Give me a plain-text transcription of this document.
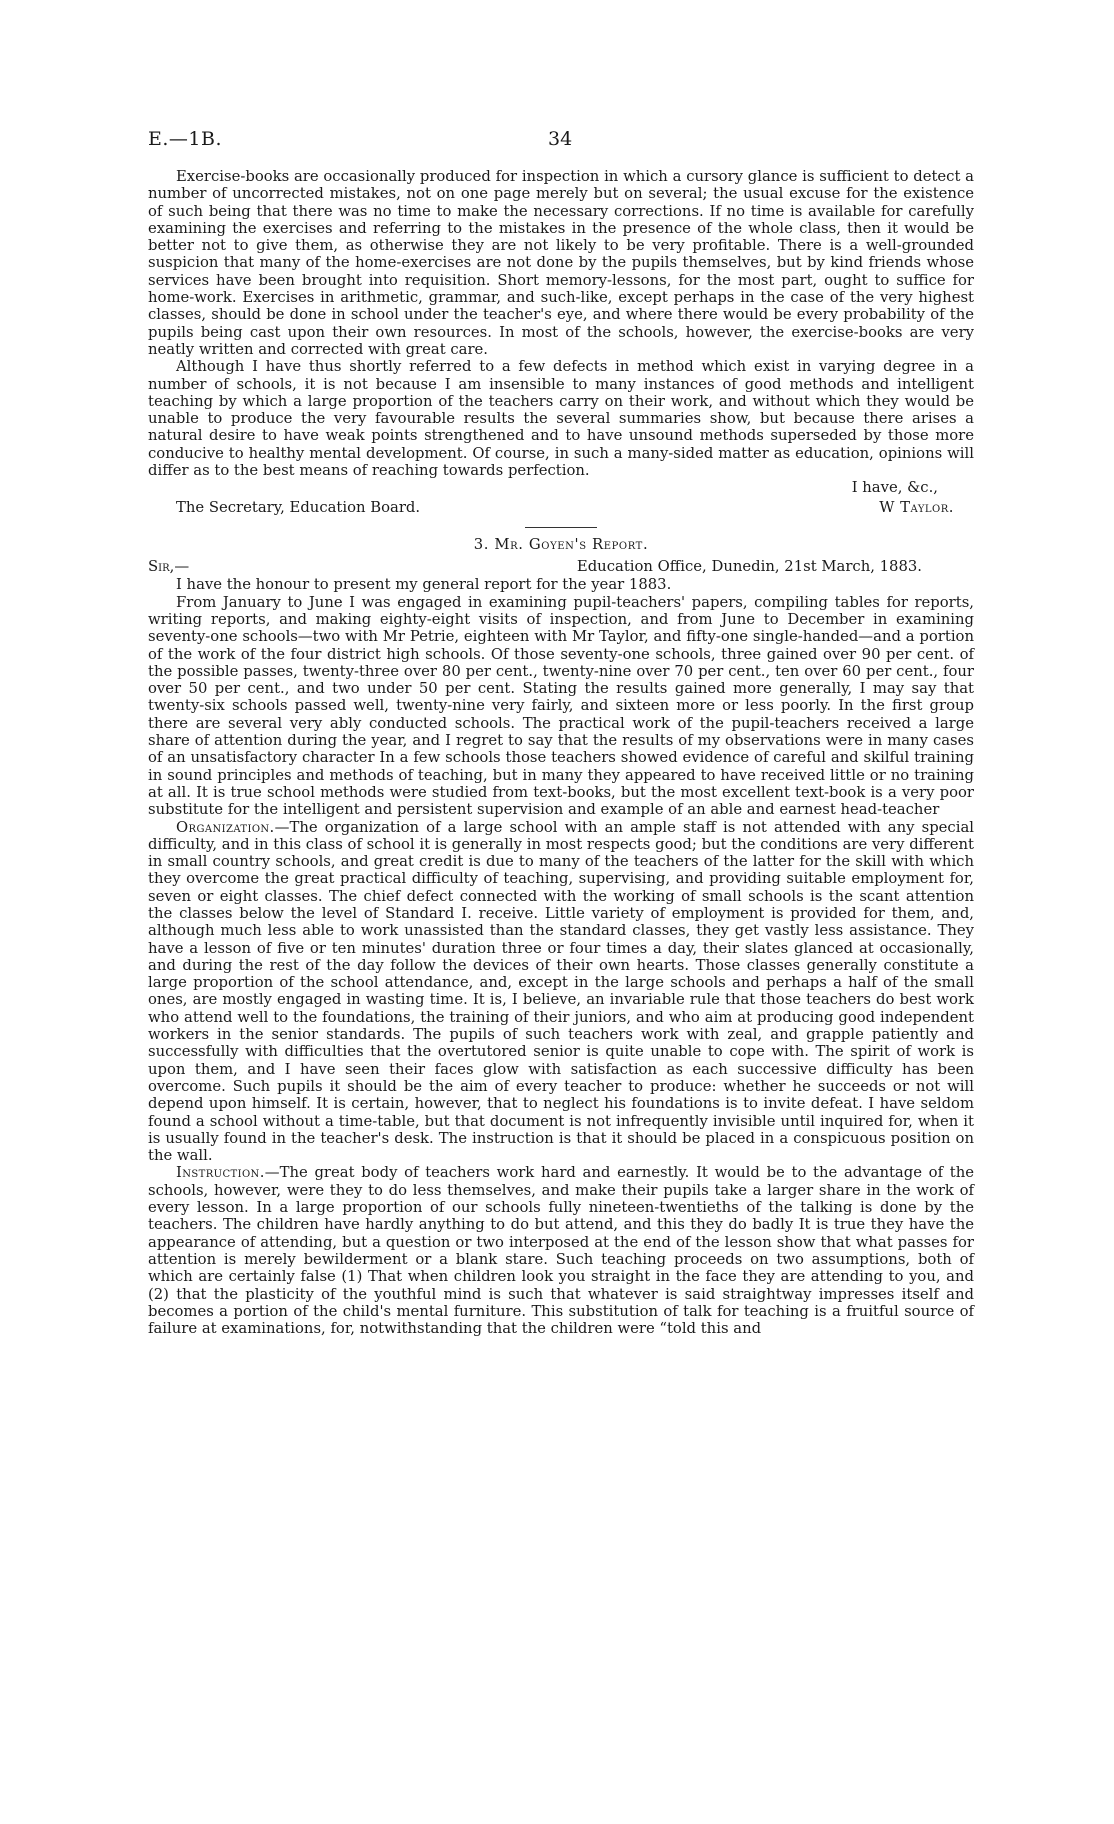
E.—1B.	34

Exercise-books are occasionally produced for inspection in which a cursory glance is sufficient to detect a number of uncorrected mistakes, not on one page merely but on several; the usual excuse for the existence of such being that there was no time to make the necessary corrections. If no time is available for carefully examining the exercises and referring to the mistakes in the presence of the whole class, then it would be better not to give them, as otherwise they are not likely to be very profitable. There is a well-grounded suspicion that many of the home-exercises are not done by the pupils themselves, but by kind friends whose services have been brought into requisition. Short memory-lessons, for the most part, ought to suffice for home-work. Exercises in arithmetic, grammar, and such-like, except perhaps in the case of the very highest classes, should be done in school under the teacher's eye, and where there would be every probability of the pupils being cast upon their own resources. In most of the schools, however, the exercise-books are very neatly written and corrected with great care.

Although I have thus shortly referred to a few defects in method which exist in varying degree in a number of schools, it is not because I am insensible to many instances of good methods and intelligent teaching by which a large proportion of the teachers carry on their work, and without which they would be unable to produce the very favourable results the several summaries show, but because there arises a natural desire to have weak points strengthened and to have unsound methods superseded by those more conducive to healthy mental development. Of course, in such a many-sided matter as education, opinions will differ as to the best means of reaching towards perfection.

I have, &c.,
The Secretary, Education Board.	W Taylor.
3. Mr. Goyen's Report.
Sir,—	Education Office, Dunedin, 21st March, 1883.

I have the honour to present my general report for the year 1883.

From January to June I was engaged in examining pupil-teachers' papers, compiling tables for reports, writing reports, and making eighty-eight visits of inspection, and from June to December in examining seventy-one schools—two with Mr Petrie, eighteen with Mr Taylor, and fifty-one single-handed—and a portion of the work of the four district high schools. Of those seventy-one schools, three gained over 90 per cent. of the possible passes, twenty-three over 80 per cent., twenty-nine over 70 per cent., ten over 60 per cent., four over 50 per cent., and two under 50 per cent. Stating the results gained more generally, I may say that twenty-six schools passed well, twenty-nine very fairly, and sixteen more or less poorly. In the first group there are several very ably conducted schools. The practical work of the pupil-teachers received a large share of attention during the year, and I regret to say that the results of my observations were in many cases of an unsatisfactory character In a few schools those teachers showed evidence of careful and skilful training in sound principles and methods of teaching, but in many they appeared to have received little or no training at all. It is true school methods were studied from text-books, but the most excellent text-book is a very poor substitute for the intelligent and persistent supervision and example of an able and earnest head-teacher

Organization.—The organization of a large school with an ample staff is not attended with any special difficulty, and in this class of school it is generally in most respects good; but the conditions are very different in small country schools, and great credit is due to many of the teachers of the latter for the skill with which they overcome the great practical difficulty of teaching, supervising, and providing suitable employment for, seven or eight classes. The chief defect connected with the working of small schools is the scant attention the classes below the level of Standard I. receive. Little variety of employment is provided for them, and, although much less able to work unassisted than the standard classes, they get vastly less assistance. They have a lesson of five or ten minutes' duration three or four times a day, their slates glanced at occasionally, and during the rest of the day follow the devices of their own hearts. Those classes generally constitute a large proportion of the school attendance, and, except in the large schools and perhaps a half of the small ones, are mostly engaged in wasting time. It is, I believe, an invariable rule that those teachers do best work who attend well to the foundations, the training of their juniors, and who aim at producing good independent workers in the senior standards. The pupils of such teachers work with zeal, and grapple patiently and successfully with difficulties that the overtutored senior is quite unable to cope with. The spirit of work is upon them, and I have seen their faces glow with satisfaction as each successive difficulty has been overcome. Such pupils it should be the aim of every teacher to produce: whether he succeeds or not will depend upon himself. It is certain, however, that to neglect his foundations is to invite defeat. I have seldom found a school without a time-table, but that document is not infrequently invisible until inquired for, when it is usually found in the teacher's desk. The instruction is that it should be placed in a conspicuous position on the wall.

Instruction.—The great body of teachers work hard and earnestly. It would be to the advantage of the schools, however, were they to do less themselves, and make their pupils take a larger share in the work of every lesson. In a large proportion of our schools fully nineteen-twentieths of the talking is done by the teachers. The children have hardly anything to do but attend, and this they do badly It is true they have the appearance of attending, but a question or two interposed at the end of the lesson show that what passes for attention is merely bewilderment or a blank stare. Such teaching proceeds on two assumptions, both of which are certainly false (1) That when children look you straight in the face they are attending to you, and (2) that the plasticity of the youthful mind is such that whatever is said straightway impresses itself and becomes a portion of the child's mental furniture. This substitution of talk for teaching is a fruitful source of failure at examinations, for, notwithstanding that the children were “told this and
